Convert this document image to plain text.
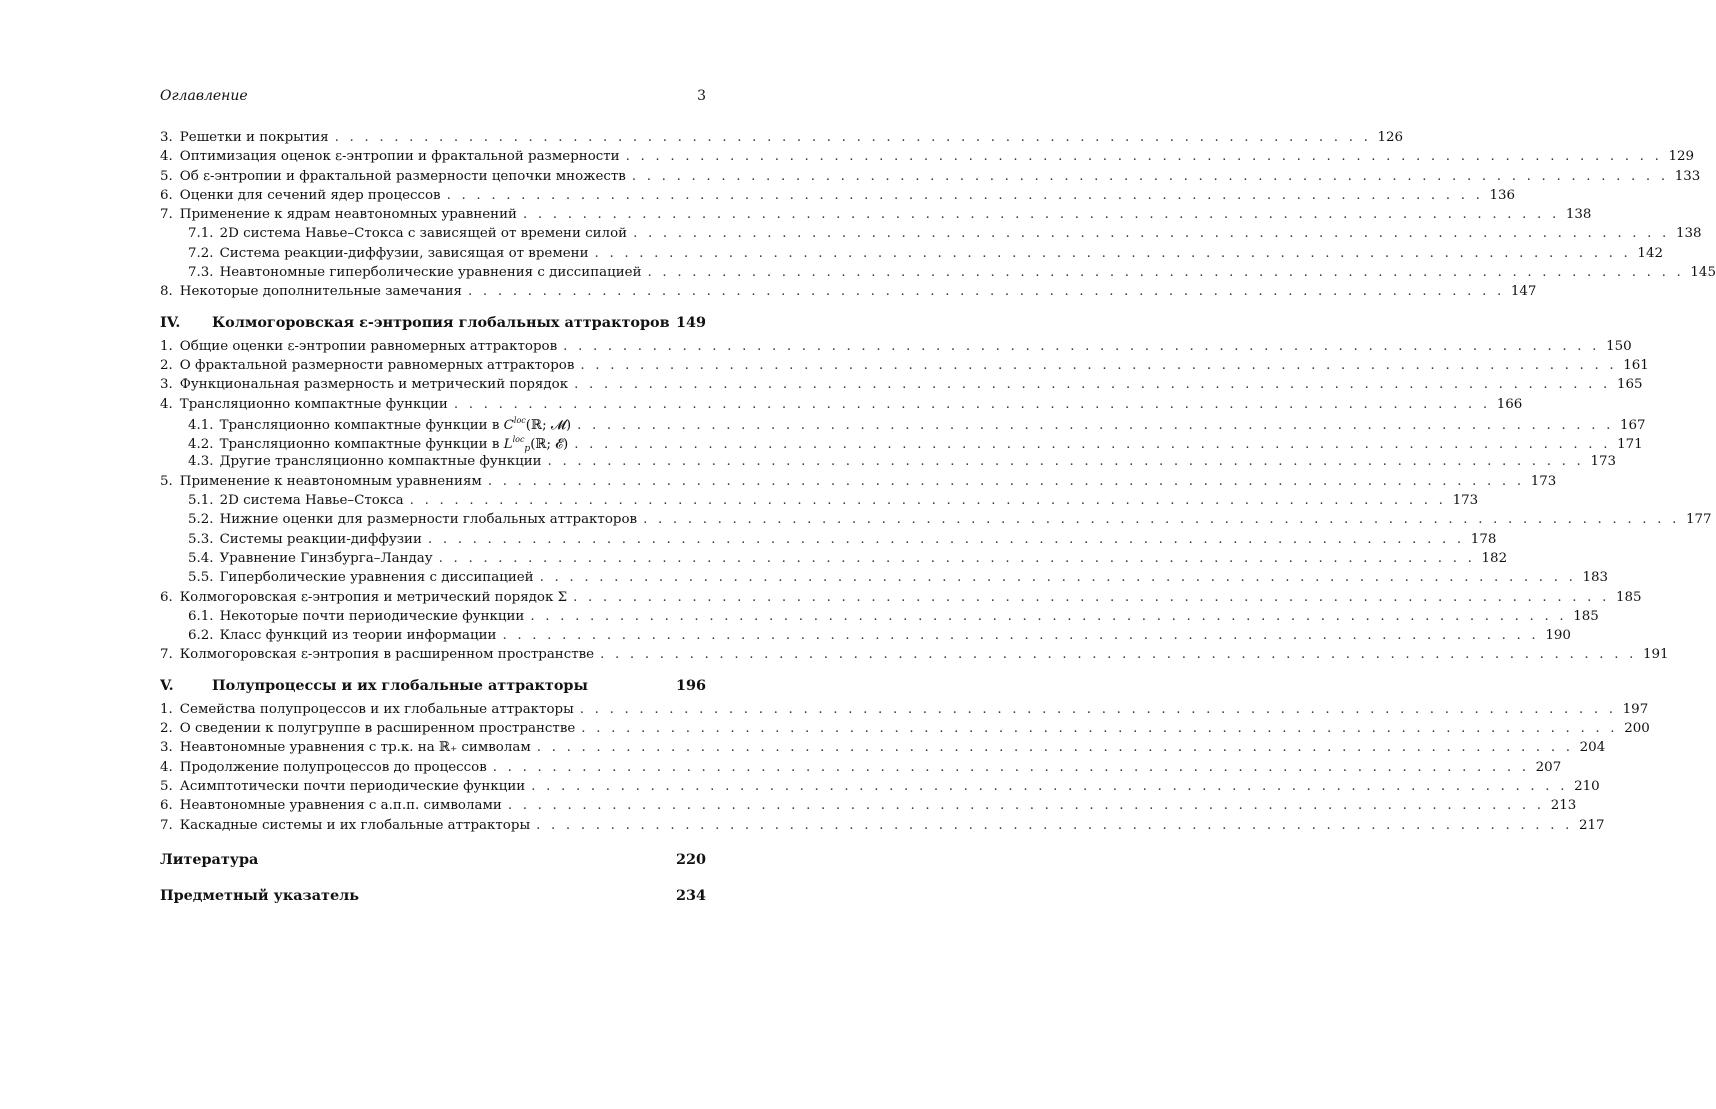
Оглавление	3
3. Решетки и покрытия . . .	126
4. Оптимизация оценок ε-энтропии и фрактальной размерности . . .	129
5. Об ε-энтропии и фрактальной размерности цепочки множеств . . .	133
6. Оценки для сечений ядер процессов . . .	136
7. Применение к ядрам неавтономных уравнений . . .	138
7.1. 2D система Навье–Стокса с зависящей от времени силой . . .	138
7.2. Система реакции-диффузии, зависящая от времени . . .	142
7.3. Неавтономные гиперболические уравнения с диссипацией . . .	145
8. Некоторые дополнительные замечания . . .	147
IV.	Колмогоровская ε-энтропия глобальных аттракторов 149
1. Общие оценки ε-энтропии равномерных аттракторов . . .	150
2. О фрактальной размерности равномерных аттракторов . . .	161
3. Функциональная размерность и метрический порядок . . .	165
4. Трансляционно компактные функции . . .	166
4.1. Трансляционно компактные функции в $C^{loc}(ℝ$; 𝓜) . . .	167
4.2. Трансляционно компактные функции в $L^{loc}_p(ℝ$; 𝓔) . . .	171
4.3. Другие трансляционно компактные функции . . .	173
5. Применение к неавтономным уравнениям . . .	173
5.1. 2D система Навье–Стокса . . .	173
5.2. Нижние оценки для размерности глобальных аттракторов . . .	177
5.3. Системы реакции-диффузии . . .	178
5.4. Уравнение Гинзбурга–Ландау . . .	182
5.5. Гиперболические уравнения с диссипацией . . .	183
6. Колмогоровская ε-энтропия и метрический порядок Σ . . .	185
6.1. Некоторые почти периодические функции . . .	185
6.2. Класс функций из теории информации . . .	190
7. Колмогоровская ε-энтропия в расширенном пространстве . . .	191
V.	Полупроцессы и их глобальные аттракторы	196
1. Семейства полупроцессов и их глобальные аттракторы . . .	197
2. О сведении к полугруппе в расширенном пространстве . . .	200
3. Неавтономные уравнения с тр.к. на ℝ₊ символам . . .	204
4. Продолжение полупроцессов до процессов . . .	207
5. Асимптотически почти периодические функции . . .	210
6. Неавтономные уравнения с а.п.п. символами . . .	213
7. Каскадные системы и их глобальные аттракторы . . .	217
Литература	220
Предметный указатель	234
